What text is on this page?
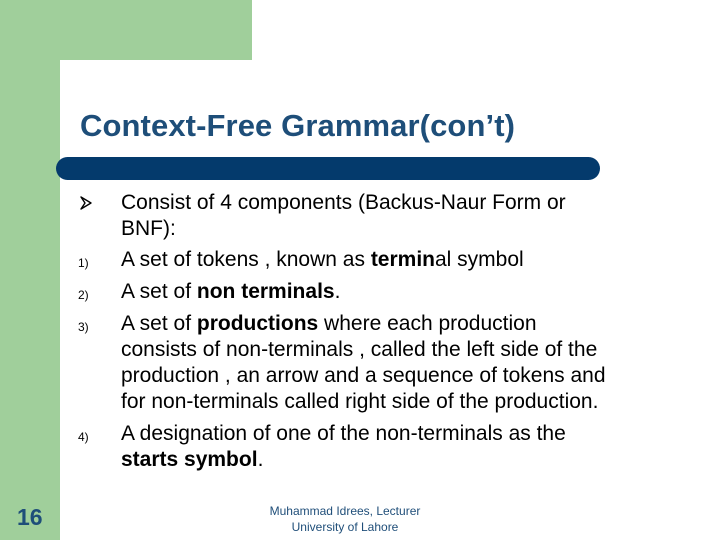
Context-Free Grammar(con’t)
Consist of 4 components (Backus-Naur Form or
BNF):
1) A set of tokens , known as terminal symbol
2) A set of non terminals.
3) A set of productions where each production
consists of non-terminals , called the left side of the
production , an arrow and a sequence of tokens and
for non-terminals called right side of the production.
4) A designation of one of the non-terminals as the
starts symbol.
16	Muhammad Idrees, Lecturer
University of Lahore
